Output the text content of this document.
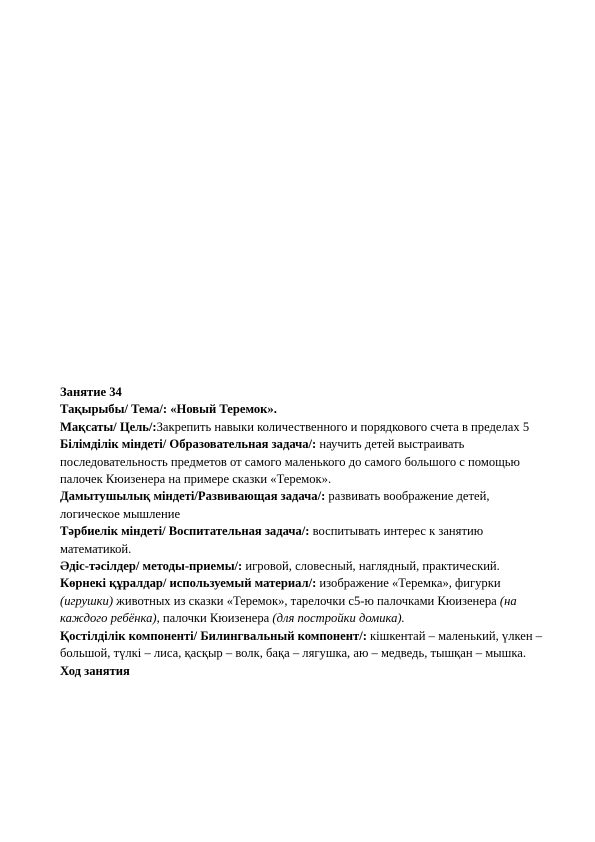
Занятие 34

Тақырыбы/ Тема/: «Новый Теремок».

Мақсаты/ Цель/:Закрепить навыки количественного и порядкового счета в пределах 5

Білімділік міндеті/ Образовательная задача/: научить детей выстраивать последовательность предметов от самого маленького до самого большого с помощью палочек Кюизенера на примере сказки «Теремок».

Дамытушылық міндеті/Развивающая задача/: развивать воображение детей, логическое мышление

Тәрбиелік міндеті/ Воспитательная задача/: воспитывать интерес к занятию математикой.

Әдіс-тәсілдер/ методы-приемы/: игровой, словесный, наглядный, практический.

Көрнекі құралдар/ используемый материал/: изображение «Теремка», фигурки (игрушки) животных из сказки «Теремок», тарелочки с5-ю палочками Кюизенера (на каждого ребёнка), палочки Кюизенера (для постройки домика).

Қостілділік компоненті/ Билингвальный компонент/: кішкентай – маленький, үлкен – большой, түлкі – лиса, қасқыр – волк, бақа – лягушка, аю – медведь, тышқан – мышка.

Ход занятия
